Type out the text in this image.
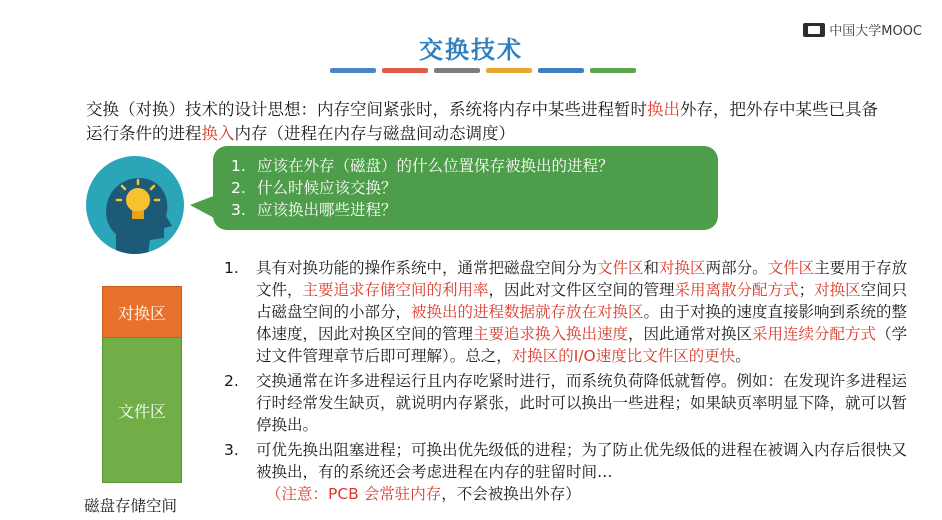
交换技术
中国大学MOOC
交换（对换）技术的设计思想：内存空间紧张时，系统将内存中某些进程暂时换出外存，把外存中某些已具备运行条件的进程换入内存（进程在内存与磁盘间动态调度）
1. 应该在外存（磁盘）的什么位置保存被换出的进程？
2. 什么时候应该交换？
3. 应该换出哪些进程？
对换区
文件区
磁盘存储空间
1.	具有对换功能的操作系统中，通常把磁盘空间分为文件区和对换区两部分。文件区主要用于存放文件，主要追求存储空间的利用率，因此对文件区空间的管理采用离散分配方式；对换区空间只占磁盘空间的小部分，被换出的进程数据就存放在对换区。由于对换的速度直接影响到系统的整体速度，因此对换区空间的管理主要追求换入换出速度，因此通常对换区采用连续分配方式（学过文件管理章节后即可理解）。总之，对换区的I/O速度比文件区的更快。
2.	交换通常在许多进程运行且内存吃紧时进行，而系统负荷降低就暂停。例如：在发现许多进程运行时经常发生缺页，就说明内存紧张，此时可以换出一些进程；如果缺页率明显下降，就可以暂停换出。
3.	可优先换出阻塞进程；可换出优先级低的进程；为了防止优先级低的进程在被调入内存后很快又被换出，有的系统还会考虑进程在内存的驻留时间…
（注意：PCB 会常驻内存，不会被换出外存）
